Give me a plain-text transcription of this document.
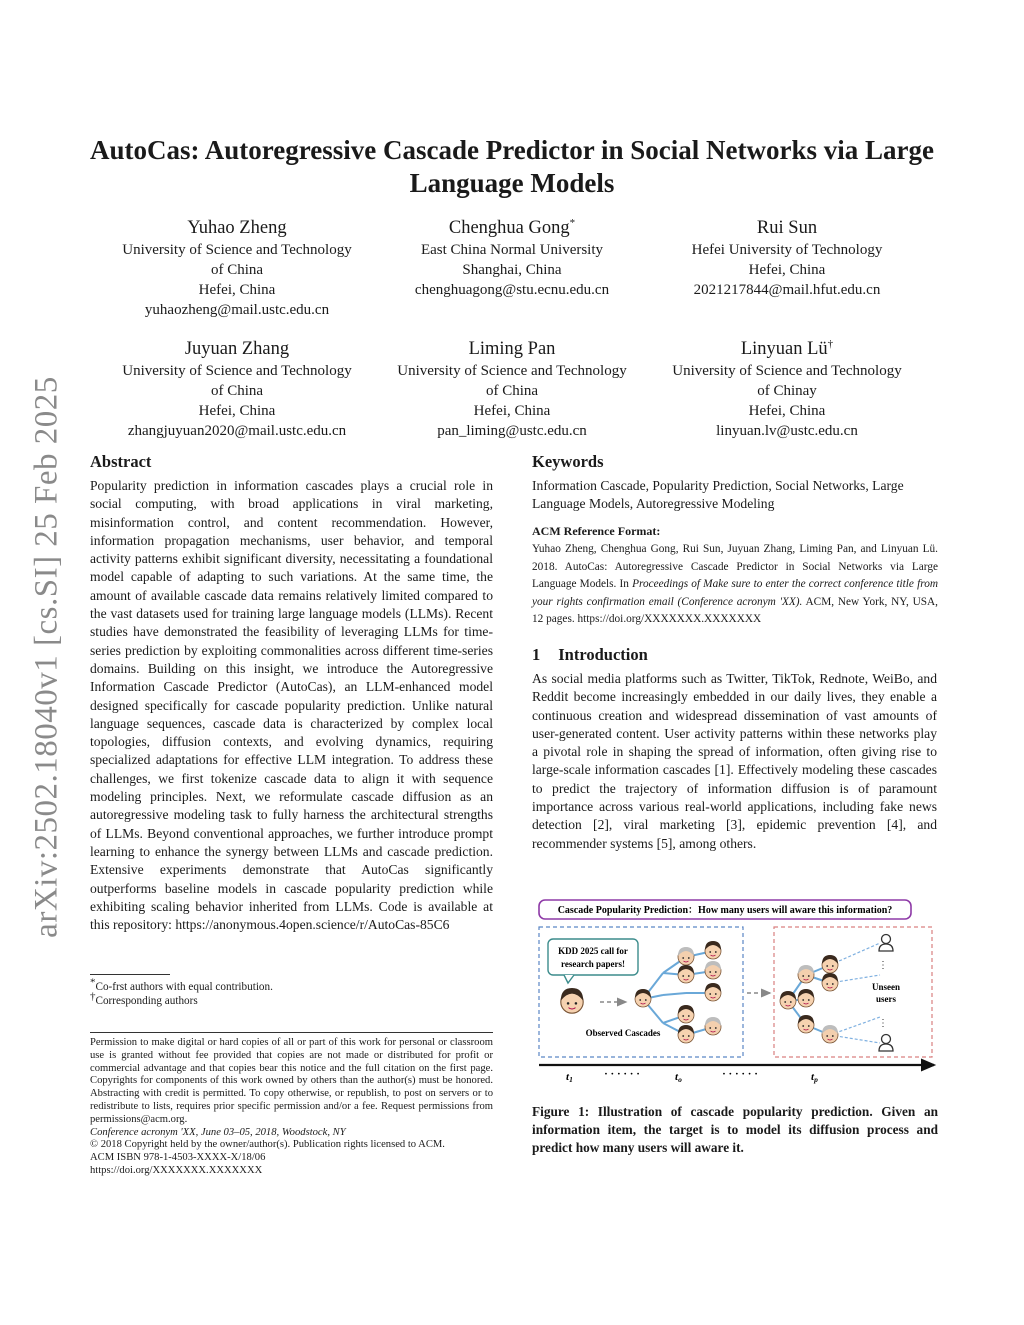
arXiv:2502.18040v1 [cs.SI] 25 Feb 2025
AutoCas: Autoregressive Cascade Predictor in Social Networks via Large Language Models
Yuhao Zheng
University of Science and Technology
of China
Hefei, China
yuhaozheng@mail.ustc.edu.cn
Chenghua Gong*
East China Normal University
Shanghai, China
chenghuagong@stu.ecnu.edu.cn
Rui Sun
Hefei University of Technology
Hefei, China
2021217844@mail.hfut.edu.cn
Juyuan Zhang
University of Science and Technology
of China
Hefei, China
zhangjuyuan2020@mail.ustc.edu.cn
Liming Pan
University of Science and Technology
of China
Hefei, China
pan_liming@ustc.edu.cn
Linyuan Lü†
University of Science and Technology
of Chinay
Hefei, China
linyuan.lv@ustc.edu.cn
Abstract
Popularity prediction in information cascades plays a crucial role in social computing, with broad applications in viral marketing, misinformation control, and content recommendation. However, information propagation mechanisms, user behavior, and temporal activity patterns exhibit significant diversity, necessitating a foundational model capable of adapting to such variations. At the same time, the amount of available cascade data remains relatively limited compared to the vast datasets used for training large language models (LLMs). Recent studies have demonstrated the feasibility of leveraging LLMs for time-series prediction by exploiting commonalities across different time-series domains. Building on this insight, we introduce the Autoregressive Information Cascade Predictor (AutoCas), an LLM-enhanced model designed specifically for cascade popularity prediction. Unlike natural language sequences, cascade data is characterized by complex local topologies, diffusion contexts, and evolving dynamics, requiring specialized adaptations for effective LLM integration. To address these challenges, we first tokenize cascade data to align it with sequence modeling principles. Next, we reformulate cascade diffusion as an autoregressive modeling task to fully harness the architectural strengths of LLMs. Beyond conventional approaches, we further introduce prompt learning to enhance the synergy between LLMs and cascade prediction. Extensive experiments demonstrate that AutoCas significantly outperforms baseline models in cascade popularity prediction while exhibiting scaling behavior inherited from LLMs. Code is available at this repository: https://anonymous.4open.science/r/AutoCas-85C6
*Co-frst authors with equal contribution.
†Corresponding authors
Permission to make digital or hard copies of all or part of this work for personal or classroom use is granted without fee provided that copies are not made or distributed for profit or commercial advantage and that copies bear this notice and the full citation on the first page. Copyrights for components of this work owned by others than the author(s) must be honored. Abstracting with credit is permitted. To copy otherwise, or republish, to post on servers or to redistribute to lists, requires prior specific permission and/or a fee. Request permissions from permissions@acm.org.
Conference acronym 'XX, June 03–05, 2018, Woodstock, NY
© 2018 Copyright held by the owner/author(s). Publication rights licensed to ACM.
ACM ISBN 978-1-4503-XXXX-X/18/06
https://doi.org/XXXXXXX.XXXXXXX
Keywords
Information Cascade, Popularity Prediction, Social Networks, Large Language Models, Autoregressive Modeling
ACM Reference Format:
Yuhao Zheng, Chenghua Gong, Rui Sun, Juyuan Zhang, Liming Pan, and Linyuan Lü. 2018. AutoCas: Autoregressive Cascade Predictor in Social Networks via Large Language Models. In Proceedings of Make sure to enter the correct conference title from your rights confirmation email (Conference acronym 'XX). ACM, New York, NY, USA, 12 pages. https://doi.org/XXXXXXX.XXXXXXX
1 Introduction
As social media platforms such as Twitter, TikTok, Rednote, WeiBo, and Reddit become increasingly embedded in our daily lives, they enable a continuous creation and widespread dissemination of vast amounts of user-generated content. User activity patterns within these networks play a pivotal role in shaping the spread of information, often giving rise to large-scale information cascades [1]. Effectively modeling these cascades to predict the trajectory of information diffusion is of paramount importance across various real-world applications, including fake news detection [2], viral marketing [3], epidemic prevention [4], and recommender systems [5], among others.
Cascade Popularity Prediction：How many users will aware this information?
KDD 2025 call for
research papers!
Observed Cascades
⋮
⋮
Unseen
users
t1	· · · · · ·	to	· · · · · ·	tp
Figure 1: Illustration of cascade popularity prediction. Given an information item, the target is to model its diffusion process and predict how many users will aware it.
